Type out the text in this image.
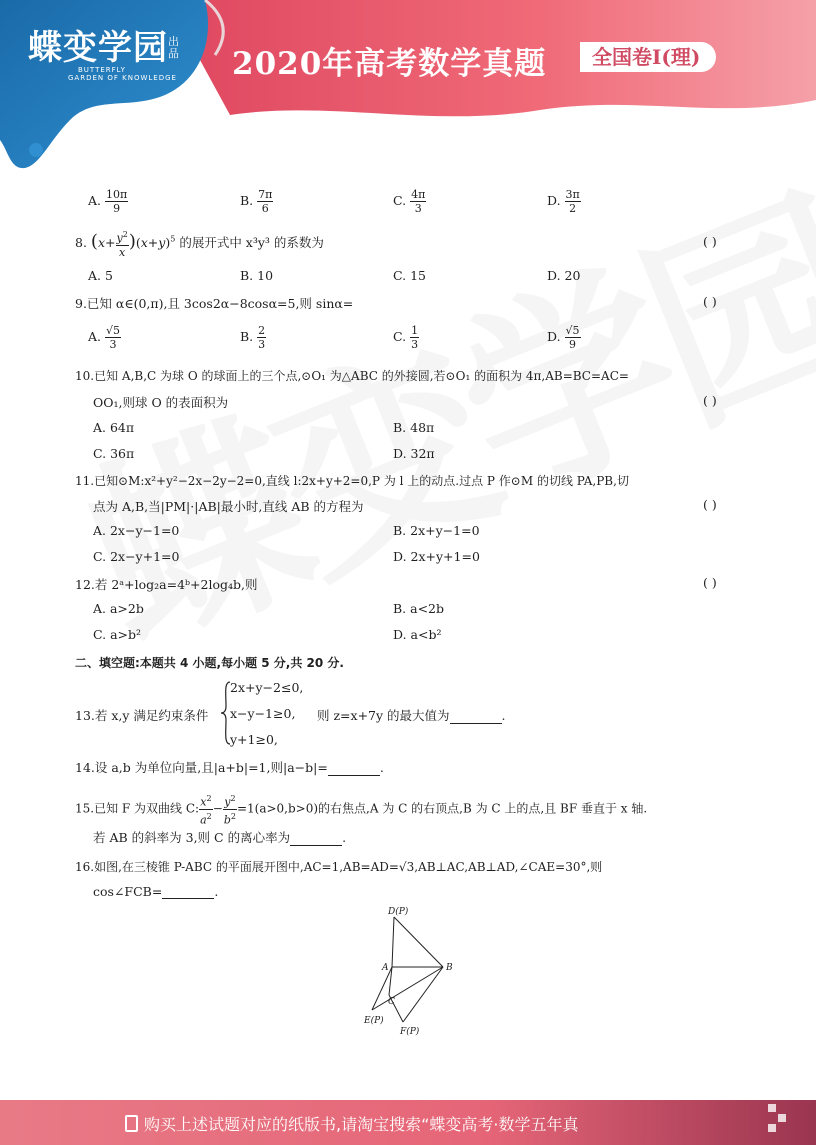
蝶变学园
BUTTERFLY
GARDEN OF KNOWLEDGE
出品 2020年高考数学真题	全国卷Ⅰ(理)
A. $\frac{10\pi}{9}$	B. $\frac{7\pi}{6}$	C. $\frac{4\pi}{3}$	D. $\frac{3\pi}{2}$
8. $(x+ \frac{y^2}{x} )(x+y)^5$ 的展开式中 x³y³ 的系数为	( )
A. 5	B. 10	C. 15	D. 20
9.已知 α∈(0,π),且 3cos2α−8cosα=5,则 sinα=	( )
A. $\frac{√5}{3}$	B. $\frac{2}{3}$	C. $\frac{1}{3}$	D. $\frac{√5}{9}$
10.已知 A,B,C 为球 O 的球面上的三个点,⊙O₁ 为△ABC 的外接圆,若⊙O₁ 的面积为 4π,AB=BC=AC=
OO₁,则球 O 的表面积为	( )
A. 64π	B. 48π
C. 36π	D. 32π
11.已知⊙M:x²+y²−2x−2y−2=0,直线 l:2x+y+2=0,P 为 l 上的动点.过点 P 作⊙M 的切线 PA,PB,切
点为 A,B,当|PM|·|AB|最小时,直线 AB 的方程为	( )
A. 2x−y−1=0	B. 2x+y−1=0
C. 2x−y+1=0	D. 2x+y+1=0
12.若 2ᵃ+log₂a=4ᵇ+2log₄b,则	( )
A. a>2b	B. a<2b
C. a>b²	D. a<b²
二、填空题:本题共 4 小题,每小题 5 分,共 20 分.
13.若 x,y 满足约束条件
2x+y−2≤0,
x−y−1≥0,
y+1≥0,
则 z=x+7y 的最大值为	.
14.设 a,b 为单位向量,且|a+b|=1,则|a−b|=	.
15.已知 F 为双曲线 C: $\frac{x^2}{a^2} - \frac{y^2}{b^2} =1(a>0,b>0)$的右焦点,A 为 C 的右顶点,B 为 C 上的点,且 BF 垂直于 x 轴.
若 AB 的斜率为 3,则 C 的离心率为	.
16.如图,在三棱锥 P-ABC 的平面展开图中,AC=1,AB=AD=√3,AB⊥AC,AB⊥AD,∠CAE=30°,则
cos∠FCB=	.
D(P)
A	B
C
E(P)
F(P)
购买上述试题对应的纸版书,请淘宝搜索“蝶变高考·数学五年真
